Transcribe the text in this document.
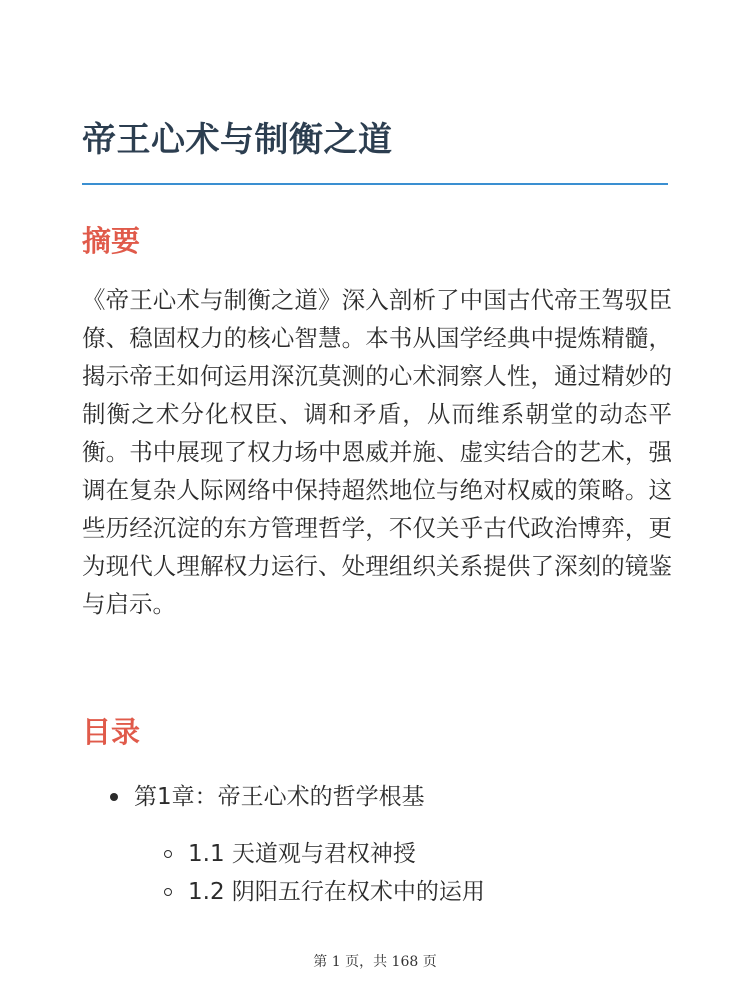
帝王心术与制衡之道
摘要

《帝王心术与制衡之道》深入剖析了中国古代帝王驾驭臣僚、稳固权力的核心智慧。本书从国学经典中提炼精髓，揭示帝王如何运用深沉莫测的心术洞察人性，通过精妙的制衡之术分化权臣、调和矛盾，从而维系朝堂的动态平衡。书中展现了权力场中恩威并施、虚实结合的艺术，强调在复杂人际网络中保持超然地位与绝对权威的策略。这些历经沉淀的东方管理哲学，不仅关乎古代政治博弈，更为现代人理解权力运行、处理组织关系提供了深刻的镜鉴与启示。

目录
第1章：帝王心术的哲学根基
1.1 天道观与君权神授
1.2 阴阳五行在权术中的运用
第 1 页，共 168 页
